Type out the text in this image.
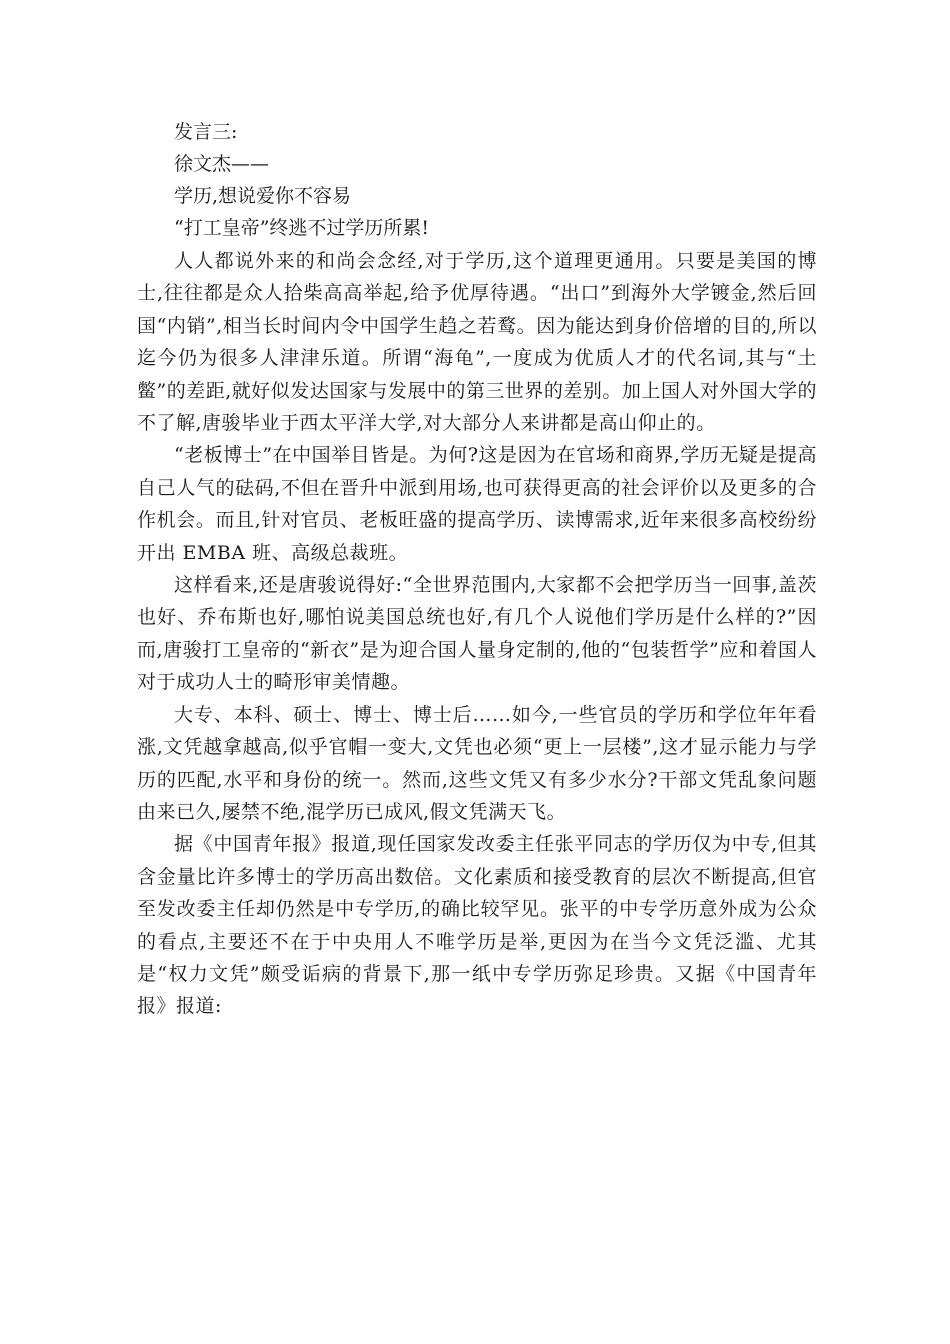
发言三:

徐文杰——

学历,想说爱你不容易

“打工皇帝”终逃不过学历所累!

人人都说外来的和尚会念经,对于学历,这个道理更通用。只要是美国的博士,往往都是众人拾柴高高举起,给予优厚待遇。“出口”到海外大学镀金,然后回国“内销”,相当长时间内令中国学生趋之若鹜。因为能达到身价倍增的目的,所以迄今仍为很多人津津乐道。所谓“海龟”,一度成为优质人才的代名词,其与“土鳖”的差距,就好似发达国家与发展中的第三世界的差别。加上国人对外国大学的不了解,唐骏毕业于西太平洋大学,对大部分人来讲都是高山仰止的。

“老板博士”在中国举目皆是。为何?这是因为在官场和商界,学历无疑是提高自己人气的砝码,不但在晋升中派到用场,也可获得更高的社会评价以及更多的合作机会。而且,针对官员、老板旺盛的提高学历、读博需求,近年来很多高校纷纷开出 EMBA 班、高级总裁班。

这样看来,还是唐骏说得好:“全世界范围内,大家都不会把学历当一回事,盖茨也好、乔布斯也好,哪怕说美国总统也好,有几个人说他们学历是什么样的?”因而,唐骏打工皇帝的“新衣”是为迎合国人量身定制的,他的“包装哲学”应和着国人对于成功人士的畸形审美情趣。

大专、本科、硕士、博士、博士后……如今,一些官员的学历和学位年年看涨,文凭越拿越高,似乎官帽一变大,文凭也必须“更上一层楼”,这才显示能力与学历的匹配,水平和身份的统一。然而,这些文凭又有多少水分?干部文凭乱象问题由来已久,屡禁不绝,混学历已成风,假文凭满天飞。

据《中国青年报》报道,现任国家发改委主任张平同志的学历仅为中专,但其含金量比许多博士的学历高出数倍。文化素质和接受教育的层次不断提高,但官至发改委主任却仍然是中专学历,的确比较罕见。张平的中专学历意外成为公众的看点,主要还不在于中央用人不唯学历是举,更因为在当今文凭泛滥、尤其是“权力文凭”颇受诟病的背景下,那一纸中专学历弥足珍贵。又据《中国青年报》报道:
